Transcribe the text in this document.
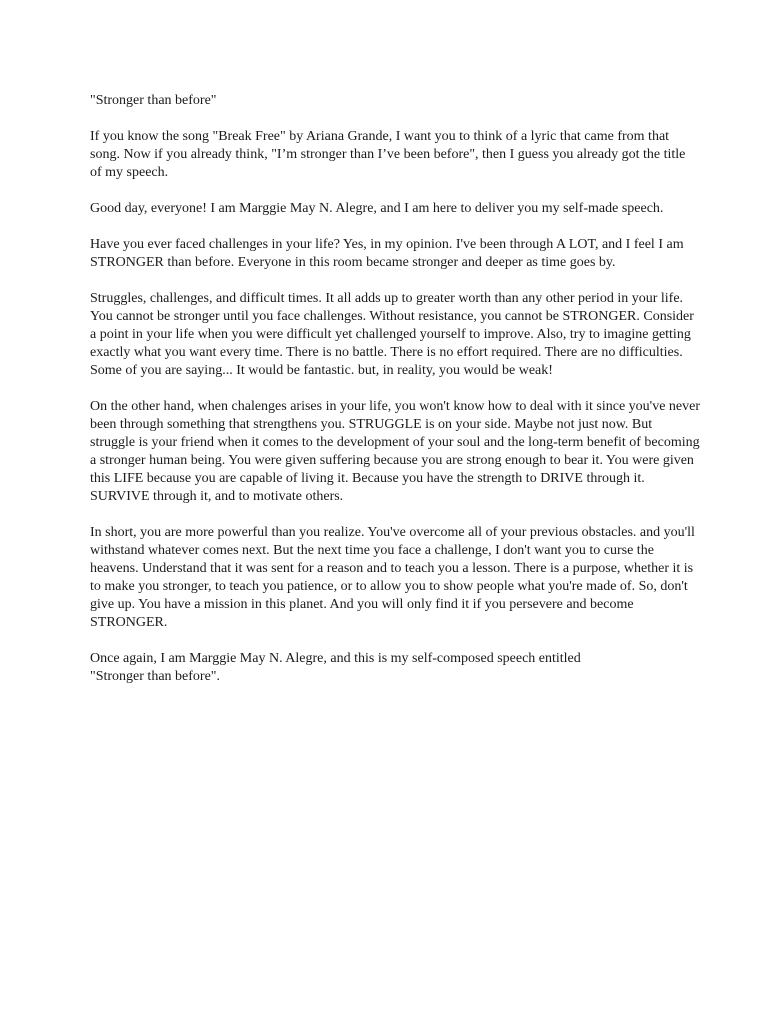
"Stronger than before"

If you know the song "Break Free" by Ariana Grande, I want you to think of a lyric that came from that song. Now if you already think, "I’m stronger than I’ve been before", then I guess you already got the title of my speech.

Good day, everyone! I am Marggie May N. Alegre, and I am here to deliver you my self-made speech.

Have you ever faced challenges in your life? Yes, in my opinion. I've been through A LOT, and I feel I am STRONGER than before. Everyone in this room became stronger and deeper as time goes by.

Struggles, challenges, and difficult times. It all adds up to greater worth than any other period in your life. You cannot be stronger until you face challenges. Without resistance, you cannot be STRONGER. Consider a point in your life when you were difficult yet challenged yourself to improve. Also, try to imagine getting exactly what you want every time. There is no battle. There is no effort required. There are no difficulties. Some of you are saying... It would be fantastic. but, in reality, you would be weak!

On the other hand, when chalenges arises in your life, you won't know how to deal with it since you've never been through something that strengthens you. STRUGGLE is on your side. Maybe not just now. But struggle is your friend when it comes to the development of your soul and the long-term benefit of becoming a stronger human being. You were given suffering because you are strong enough to bear it. You were given this LIFE because you are capable of living it. Because you have the strength to DRIVE through it. SURVIVE through it, and to motivate others.

In short, you are more powerful than you realize. You've overcome all of your previous obstacles. and you'll withstand whatever comes next. But the next time you face a challenge, I don't want you to curse the heavens. Understand that it was sent for a reason and to teach you a lesson. There is a purpose, whether it is to make you stronger, to teach you patience, or to allow you to show people what you're made of. So, don't give up. You have a mission in this planet. And you will only find it if you persevere and become STRONGER.

Once again, I am Marggie May N. Alegre, and this is my self-composed speech entitled
"Stronger than before".
